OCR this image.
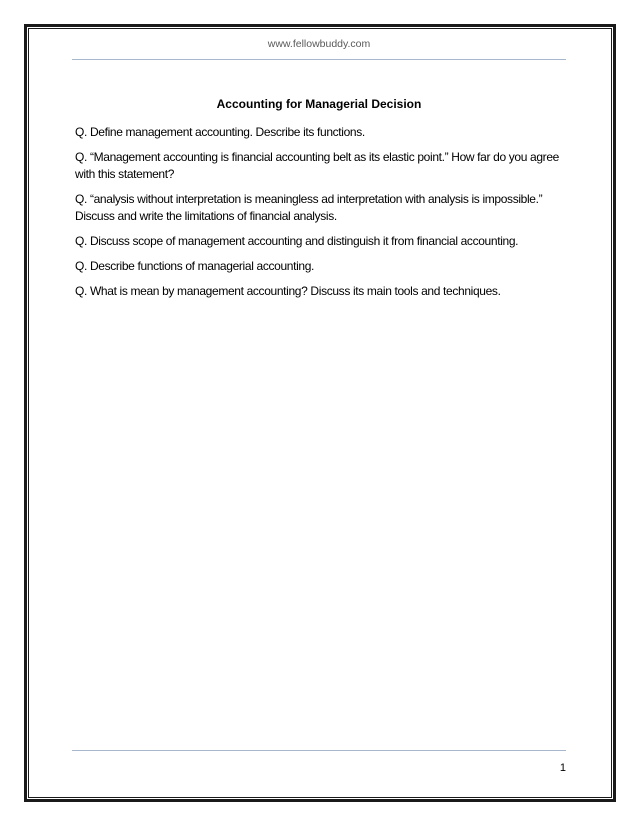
www.fellowbuddy.com
Accounting for Managerial Decision
Q. Define management accounting. Describe its functions.
Q. “Management accounting is financial accounting belt as its elastic point.” How far do you agree with this statement?
Q. “analysis without interpretation is meaningless ad interpretation with analysis is impossible.” Discuss and write the limitations of financial analysis.
Q. Discuss scope of management accounting and distinguish it from financial accounting.
Q. Describe functions of managerial accounting.
Q. What is mean by management accounting? Discuss its main tools and techniques.
1
